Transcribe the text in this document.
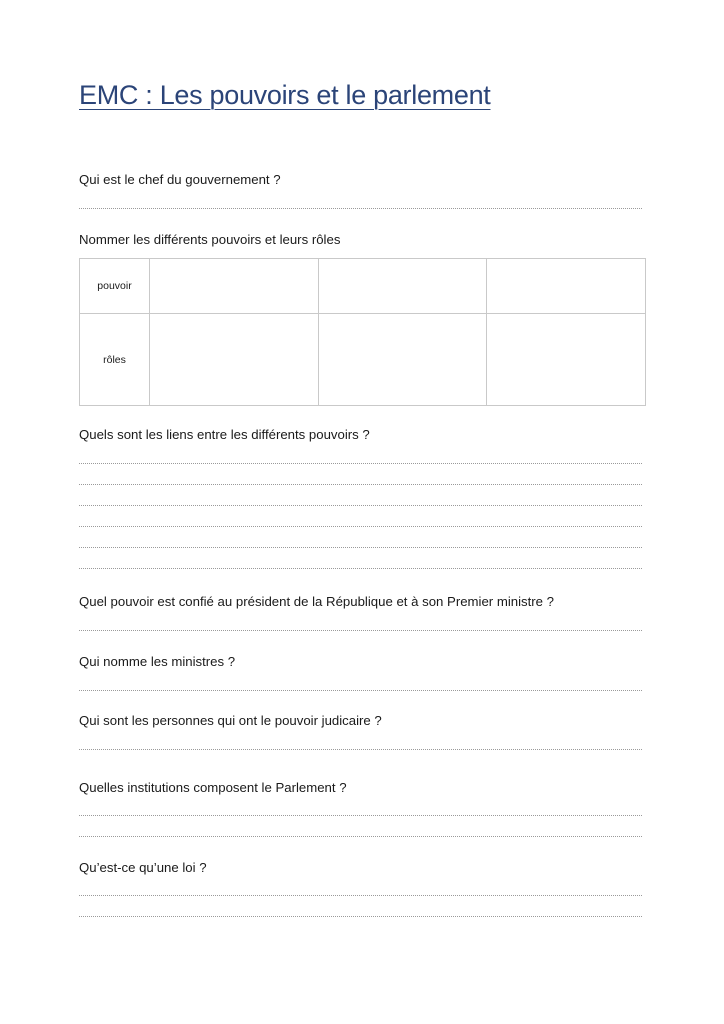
EMC : Les pouvoirs et le parlement
Qui est le chef du gouvernement ?
Nommer les différents pouvoirs et leurs rôles
pouvoir			
rôles			
Quels sont les liens entre les différents pouvoirs ?
Quel pouvoir est confié au président de la République et à son Premier ministre ?
Qui nomme les ministres ?
Qui sont les personnes qui ont le pouvoir judicaire ?
Quelles institutions composent le Parlement ?
Qu’est-ce qu’une loi ?
